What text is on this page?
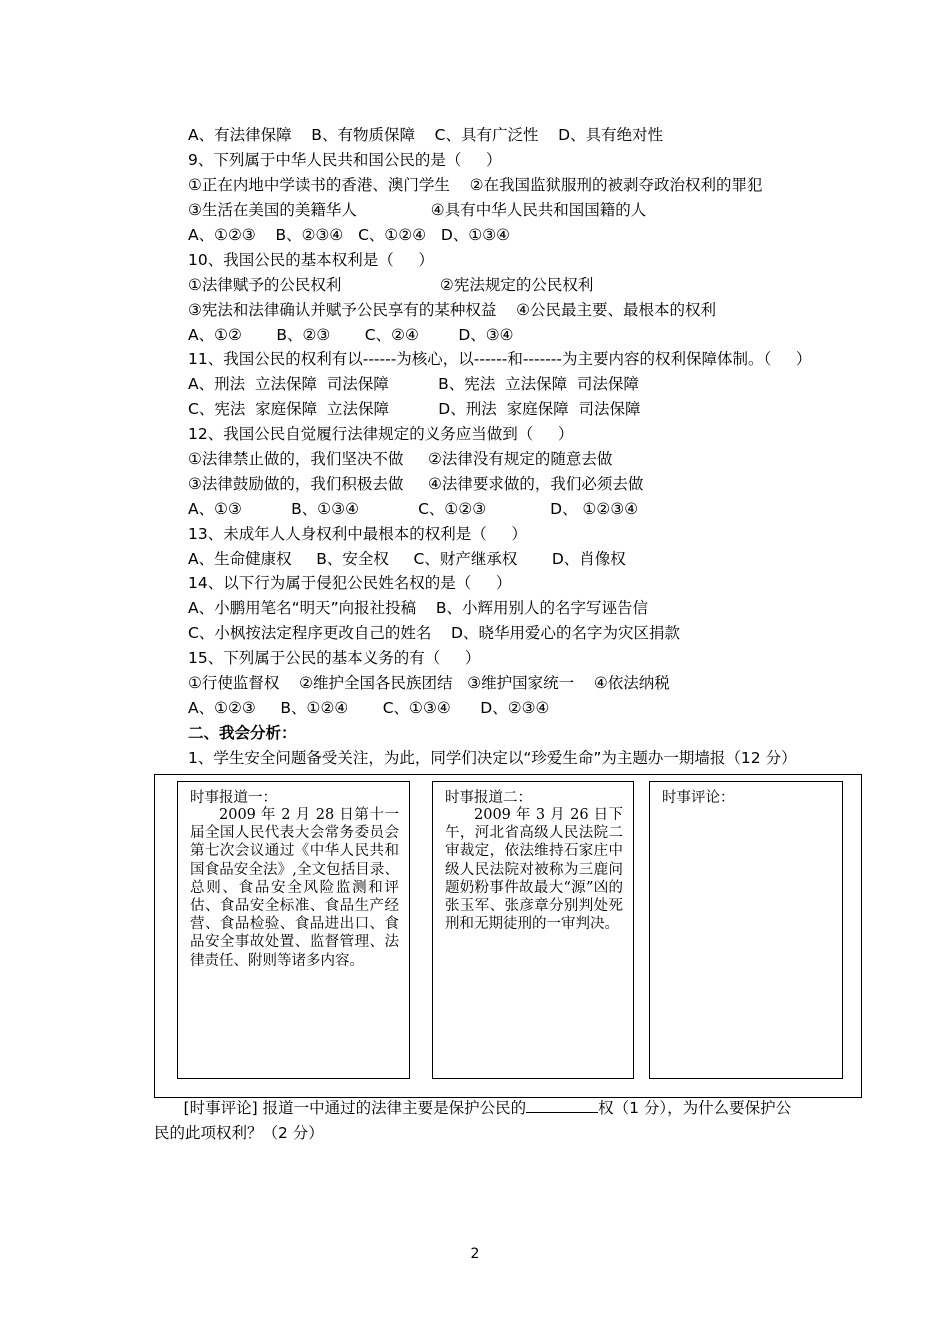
A、有法律保障    B、有物质保障    C、具有广泛性    D、具有绝对性
9、下列属于中华人民共和国公民的是（     ）
①正在内地中学读书的香港、澳门学生    ②在我国监狱服刑的被剥夺政治权利的罪犯
③生活在美国的美籍华人               ④具有中华人民共和国国籍的人
A、①②③    B、②③④   C、①②④   D、①③④
10、我国公民的基本权利是（     ）
①法律赋予的公民权利                    ②宪法规定的公民权利
③宪法和法律确认并赋予公民享有的某种权益    ④公民最主要、最根本的权利
A、①②       B、②③       C、②④        D、③④
11、我国公民的权利有以------为核心，以------和-------为主要内容的权利保障体制。（     ）
A、刑法  立法保障  司法保障          B、宪法  立法保障  司法保障
C、宪法  家庭保障  立法保障          D、刑法  家庭保障  司法保障
12、我国公民自觉履行法律规定的义务应当做到（     ）
①法律禁止做的，我们坚决不做     ②法律没有规定的随意去做
③法律鼓励做的，我们积极去做     ④法律要求做的，我们必须去做
A、①③          B、①③④            C、①②③             D、 ①②③④
13、未成年人人身权利中最根本的权利是（     ）
A、生命健康权     B、安全权     C、财产继承权       D、肖像权
14、以下行为属于侵犯公民姓名权的是（     ）
A、小鹏用笔名“明天”向报社投稿    B、小辉用别人的名字写诬告信
C、小枫按法定程序更改自己的姓名    D、晓华用爱心的名字为灾区捐款
15、下列属于公民的基本义务的有（     ）
①行使监督权    ②维护全国各民族团结   ③维护国家统一    ④依法纳税
A、①②③     B、①②④       C、①③④      D、②③④
二、我会分析：
1、学生安全问题备受关注，为此，同学们决定以“珍爱生命”为主题办一期墙报（12 分）
时事报道一：
2009 年 2 月 28 日第十一届全国人民代表大会常务委员会第七次会议通过《中华人民共和国食品安全法》,全文包括目录、总则、食品安全风险监测和评估、食品安全标准、食品生产经营、食品检验、食品进出口、食品安全事故处置、监督管理、法律责任、附则等诸多内容。
时事报道二：
2009 年 3 月 26 日下午，河北省高级人民法院二审裁定，依法维持石家庄中级人民法院对被称为三鹿问题奶粉事件故最大“源”凶的张玉军、张彦章分别判处死刑和无期徒刑的一审判决。
时事评论：
[时事评论] 报道一中通过的法律主要是保护公民的	权（1 分），为什么要保护公
民的此项权利？（2 分）
2
